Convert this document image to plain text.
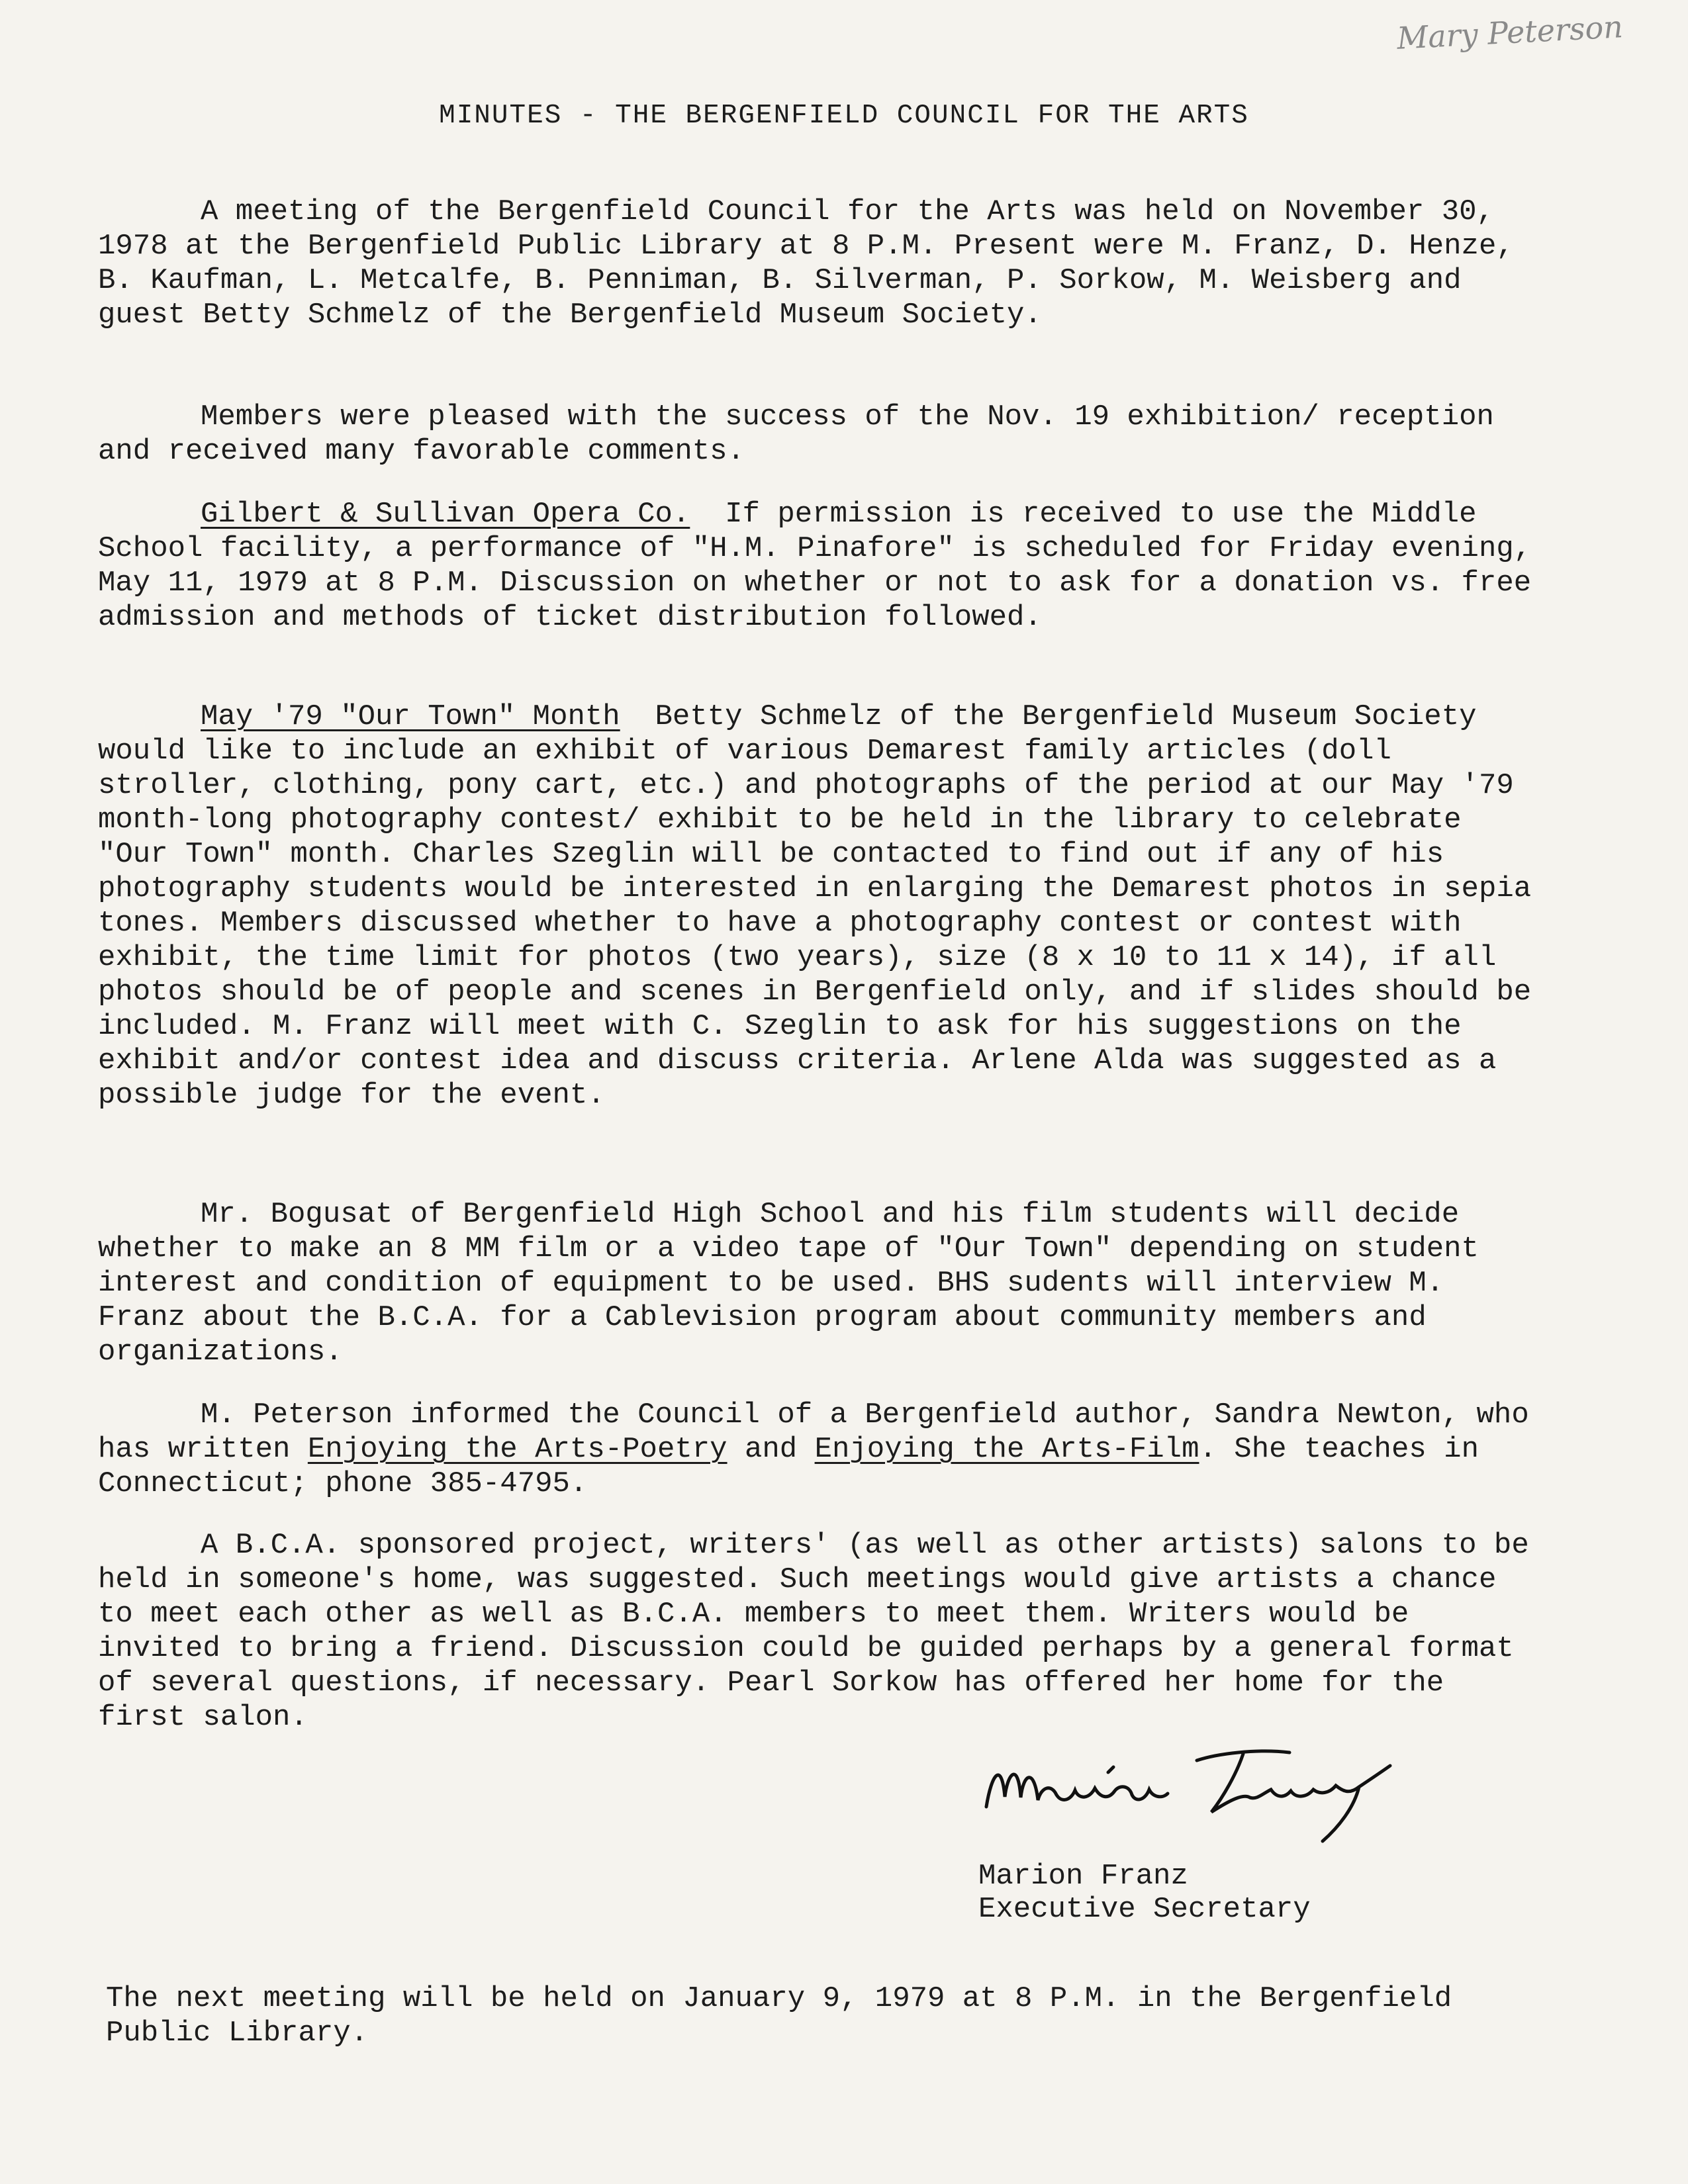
Mary Peterson
MINUTES - THE BERGENFIELD COUNCIL FOR THE ARTS

A meeting of the Bergenfield Council for the Arts was held on November 30, 1978 at the Bergenfield Public Library at 8 P.M. Present were M. Franz, D. Henze, B. Kaufman, L. Metcalfe, B. Penniman, B. Silverman, P. Sorkow, M. Weisberg and guest Betty Schmelz of the Bergenfield Museum Society.

Members were pleased with the success of the Nov. 19 exhibition/ reception and received many favorable comments.

Gilbert & Sullivan Opera Co. If permission is received to use the Middle School facility, a performance of "H.M. Pinafore" is scheduled for Friday evening, May 11, 1979 at 8 P.M. Discussion on whether or not to ask for a donation vs. free admission and methods of ticket distribution followed.

May '79 "Our Town" Month Betty Schmelz of the Bergenfield Museum Society would like to include an exhibit of various Demarest family articles (doll stroller, clothing, pony cart, etc.) and photographs of the period at our May '79 month-long photography contest/ exhibit to be held in the library to celebrate "Our Town" month. Charles Szeglin will be contacted to find out if any of his photography students would be interested in enlarging the Demarest photos in sepia tones. Members discussed whether to have a photography contest or contest with exhibit, the time limit for photos (two years), size (8 x 10 to 11 x 14), if all photos should be of people and scenes in Bergenfield only, and if slides should be included. M. Franz will meet with C. Szeglin to ask for his suggestions on the exhibit and/or contest idea and discuss criteria. Arlene Alda was suggested as a possible judge for the event.

Mr. Bogusat of Bergenfield High School and his film students will decide whether to make an 8 MM film or a video tape of "Our Town" depending on student interest and condition of equipment to be used. BHS sudents will interview M. Franz about the B.C.A. for a Cablevision program about community members and organizations.

M. Peterson informed the Council of a Bergenfield author, Sandra Newton, who has written Enjoying the Arts-Poetry and Enjoying the Arts-Film. She teaches in Connecticut; phone 385-4795.

A B.C.A. sponsored project, writers' (as well as other artists) salons to be held in someone's home, was suggested. Such meetings would give artists a chance to meet each other as well as B.C.A. members to meet them. Writers would be invited to bring a friend. Discussion could be guided perhaps by a general format of several questions, if necessary. Pearl Sorkow has offered her home for the first salon.

Marion Franz
Executive Secretary

The next meeting will be held on January 9, 1979 at 8 P.M. in the Bergenfield Public Library.
